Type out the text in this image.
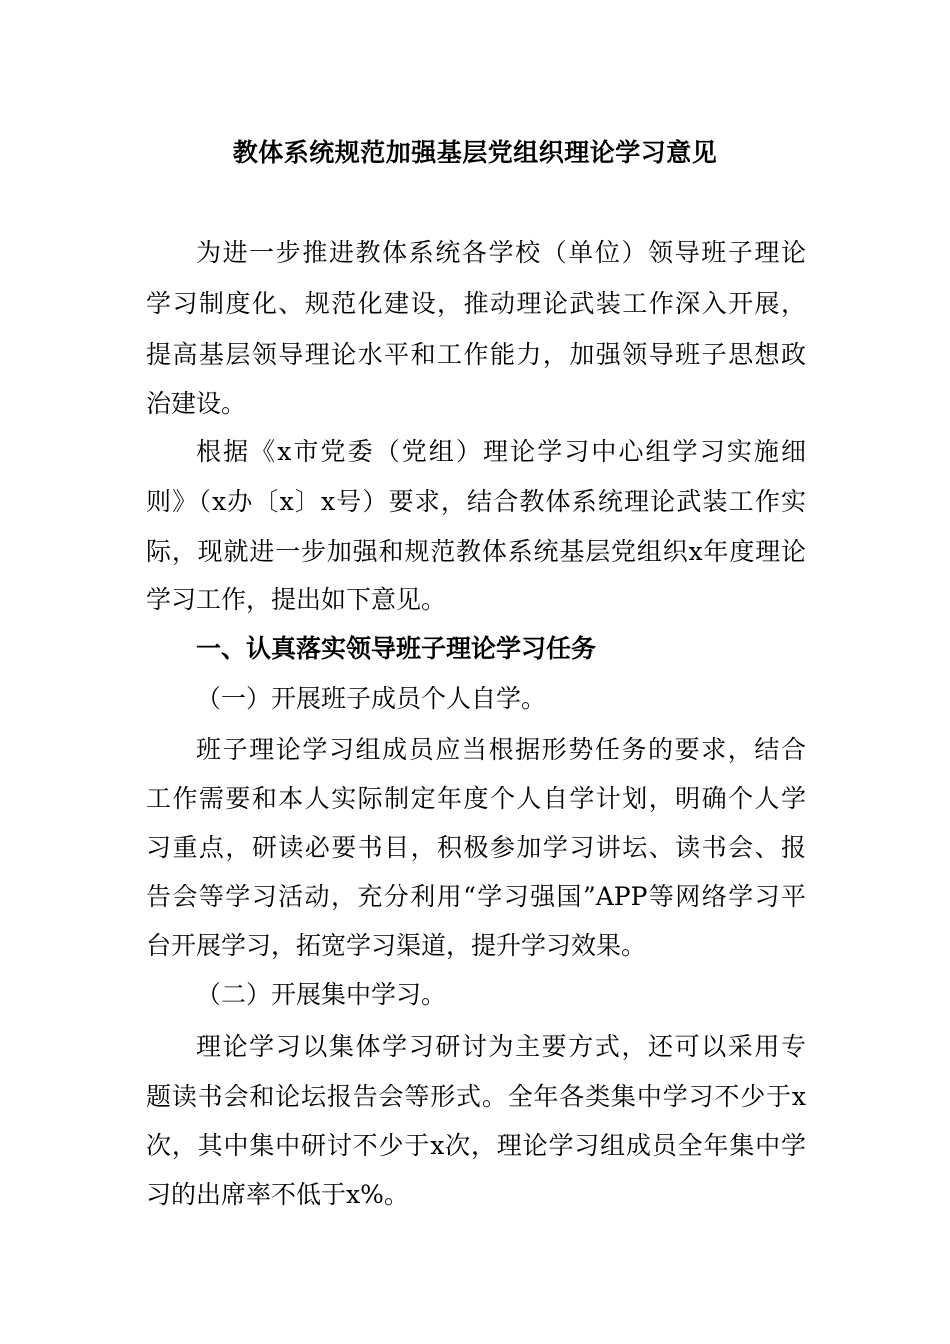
教体系统规范加强基层党组织理论学习意见
为进一步推进教体系统各学校（单位）领导班子理论
学习制度化、规范化建设，推动理论武装工作深入开展，
提高基层领导理论水平和工作能力，加强领导班子思想政
治建设。
根据《x市党委（党组）理论学习中心组学习实施细
则》（x办〔x〕x号）要求，结合教体系统理论武装工作实
际，现就进一步加强和规范教体系统基层党组织x年度理论
学习工作，提出如下意见。
一、认真落实领导班子理论学习任务
（一）开展班子成员个人自学。
班子理论学习组成员应当根据形势任务的要求，结合
工作需要和本人实际制定年度个人自学计划，明确个人学
习重点，研读必要书目，积极参加学习讲坛、读书会、报
告会等学习活动，充分利用“学习强国”APP等网络学习平
台开展学习，拓宽学习渠道，提升学习效果。
（二）开展集中学习。
理论学习以集体学习研讨为主要方式，还可以采用专
题读书会和论坛报告会等形式。全年各类集中学习不少于x
次，其中集中研讨不少于x次，理论学习组成员全年集中学
习的出席率不低于x%。
